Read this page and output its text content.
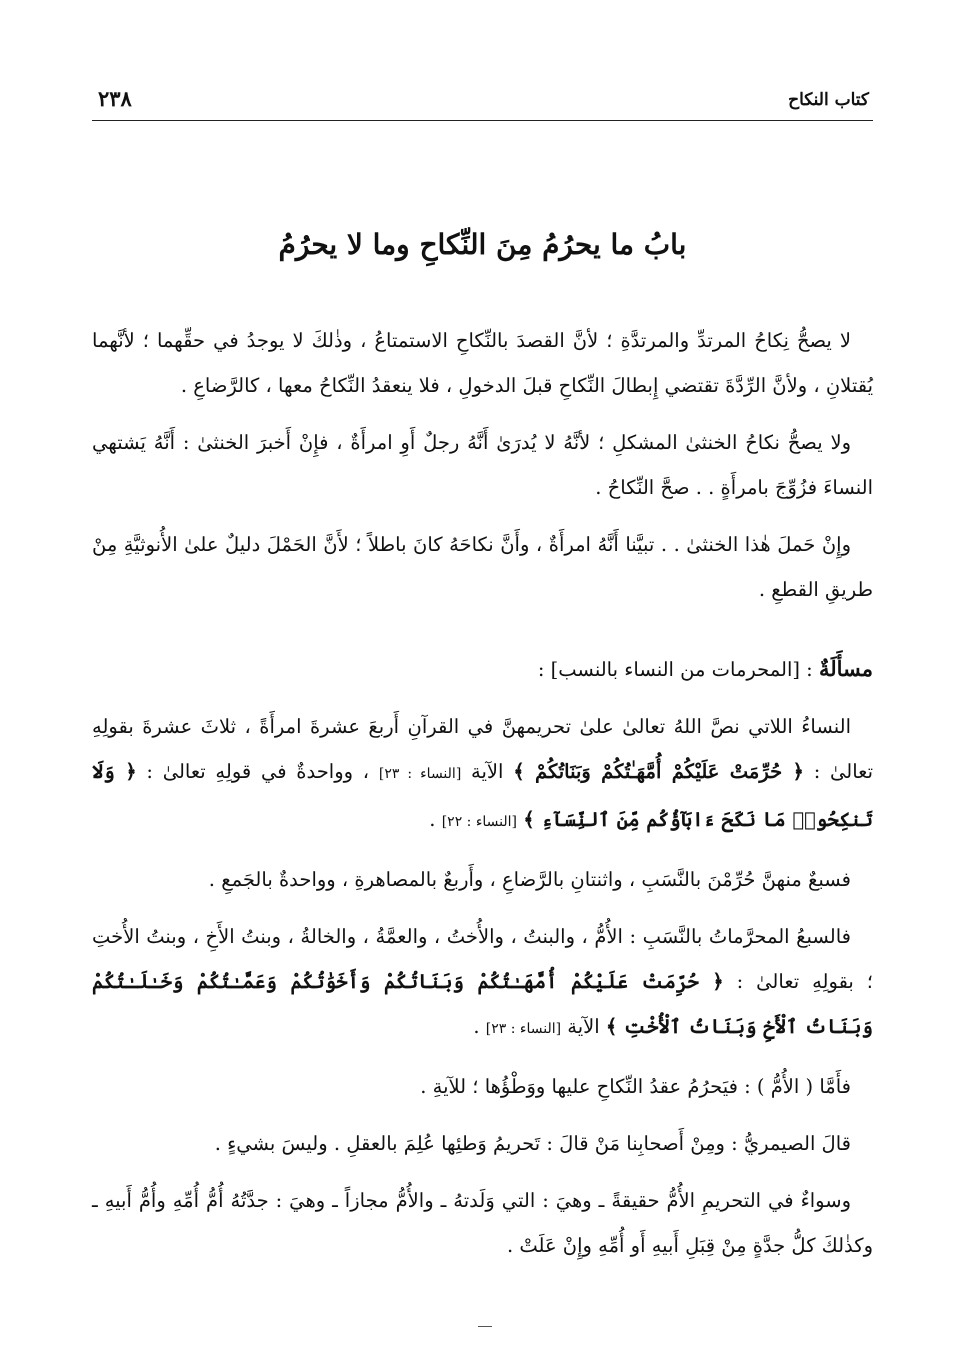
كتاب النكاح
٢٣٨
بابُ ما يحرُمُ مِنَ النِّكاحِ وما لا يحرُمُ

لا يصحُّ نِكاحُ المرتدِّ والمرتدَّةِ ؛ لأنَّ القصدَ بالنِّكاحِ الاستمتاعُ ، وذٰلكَ لا يوجدُ في حقِّهما ؛ لأنَّهما يُقتلانِ ، ولأنَّ الرِّدَّةَ تقتضي إِبطالَ النِّكاحِ قبلَ الدخولِ ، فلا ينعقدُ النِّكاحُ معها ، كالرَّضاعِ .

ولا يصحُّ نكاحُ الخنثىٰ المشكلِ ؛ لأنَّهُ لا يُدرَىٰ أَنَّهُ رجلٌ أَوِ امرأَةٌ ، فإِنْ أَخبرَ الخنثىٰ : أَنَّهُ يَشتهي النساءَ فزُوِّجَ بامرأَةٍ . . صحَّ النِّكاحُ .

وإِنْ حَملَ هٰذا الخنثىٰ . . تبيَّنا أَنَّهُ امرأَةٌ ، وأَنَّ نكاحَهُ كانَ باطلاً ؛ لأَنَّ الحَمْلَ دليلٌ علىٰ الأُنوثيَّةِ مِنْ طريقِ القطعِ .

مسأَلَةٌ : [المحرمات من النساء بالنسب] :

النساءُ اللاتي نصَّ اللهُ تعالىٰ علىٰ تحريمهنَّ في القرآنِ أَربعَ عشرةَ امرأَةً ، ثلاثَ عشرةَ بقولِهِ تعالىٰ : ﴿ حُرِّمَتْ عَلَيْكُمْ أُمَّهَـٰتُكُمْ وَبَنَاتُكُمْ ﴾ الآية [النساء : ٢٣] ، وواحدةٌ في قولِهِ تعالىٰ : ﴿ وَلَا تَنكِحُوا۟ مَا نَكَحَ ءَابَآؤُكُم مِّنَ ٱلنِّسَآءِ ﴾ [النساء : ٢٢] .

فسبعٌ منهنَّ حُرِّمْنَ بالنَّسَبِ ، واثنتانِ بالرَّضاعِ ، وأَربعٌ بالمصاهرةِ ، وواحدةٌ بالجَمعِ .

فالسبعُ المحرَّماتُ بالنَّسَبِ : الأُمُّ ، والبنتُ ، والأُختُ ، والعمَّةُ ، والخالةُ ، وبنتُ الأَخِ ، وبنتُ الأُختِ ؛ بقولِهِ تعالىٰ : ﴿ حُرِّمَتْ عَلَيْكُمْ أُمَّهَـٰتُكُمْ وَبَنَاتُكُمْ وَأَخَوَٰتُكُمْ وَعَمَّـٰتُكُمْ وَخَـٰلَـٰتُكُمْ وَبَنَاتُ ٱلْأَخِ وَبَنَاتُ ٱلْأُخْتِ ﴾ الآية [النساء : ٢٣] .

فأَمَّا ( الأُمُّ ) : فيَحرُمُ عقدُ النِّكاحِ عليها ووَطْؤُها ؛ للآيةِ .

قالَ الصيمريُّ : ومِنْ أَصحابِنا مَنْ قالَ : تَحريمُ وَطئِها عُلِمَ بالعقلِ . وليسَ بشيءٍ .

وسواءٌ في التحريمِ الأُمُّ حقيقةً ـ وهيَ : التي وَلَدتهُ ـ والأُمُّ مجازاً ـ وهيَ : جدَّتُهُ أُمُّ أُمِّهِ وأُمُّ أَبيهِ ـ وكذٰلكَ كلُّ جدَّةٍ مِنْ قِبَلِ أَبيهِ أَو أُمِّهِ وإِنْ عَلَتْ .
